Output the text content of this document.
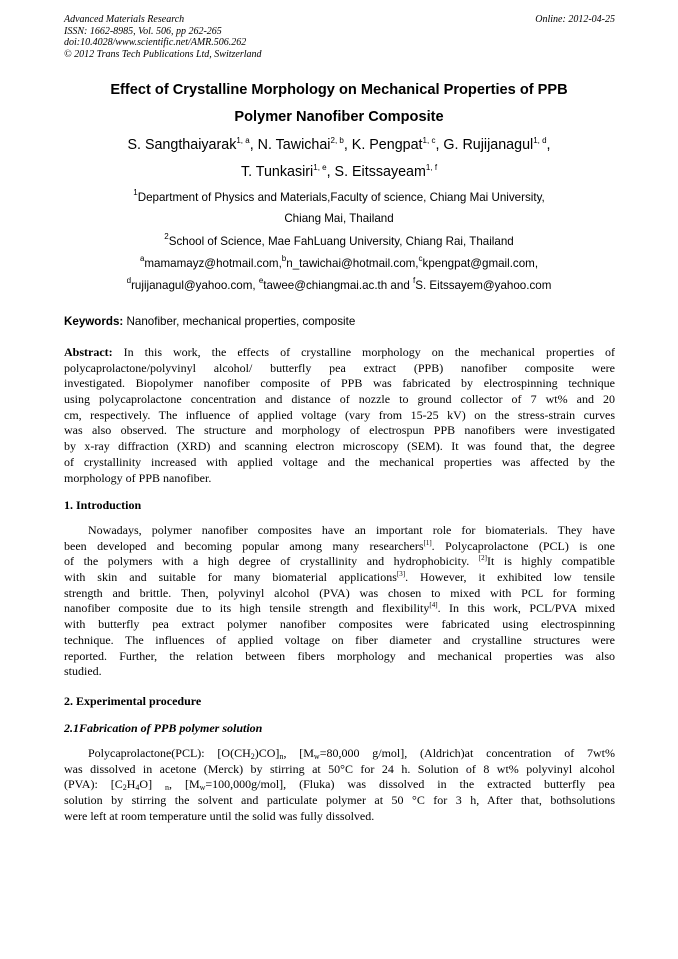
Advanced Materials Research
ISSN: 1662-8985, Vol. 506, pp 262-265
doi:10.4028/www.scientific.net/AMR.506.262
© 2012 Trans Tech Publications Ltd, Switzerland
Online: 2012-04-25
Effect of Crystalline Morphology on Mechanical Properties of PPB
Polymer Nanofiber Composite
S. Sangthaiyarak$^{1, a}$, N. Tawichai$^{2, b}$, K. Pengpat$^{1, c}$, G. Rujijanagul$^{1, d}$,
T. Tunkasiri$^{1, e}$, S. Eitssayeam$^{1, f}$
$^1$Department of Physics and Materials,Faculty of science, Chiang Mai University,
Chiang Mai, Thailand
$^2$School of Science, Mae FahLuang University, Chiang Rai, Thailand
$^a$mamamayz@hotmail.com,$^b$n_tawichai@hotmail.com,$^c$kpengpat@gmail.com,
$^d$rujijanagul@yahoo.com, $^e$tawee@chiangmai.ac.th and $^f$S. Eitssayem@yahoo.com
Keywords: Nanofiber, mechanical properties, composite
Abstract: In this work, the effects of crystalline morphology on the mechanical properties of
polycaprolactone/polyvinyl alcohol/ butterfly pea extract (PPB) nanofiber composite were
investigated. Biopolymer nanofiber composite of PPB was fabricated by electrospinning technique
using polycaprolactone concentration and distance of nozzle to ground collector of 7 wt% and 20
cm, respectively. The influence of applied voltage (vary from 15-25 kV) on the stress-strain curves
was also observed. The structure and morphology of electrospun PPB nanofibers were investigated
by x-ray diffraction (XRD) and scanning electron microscopy (SEM). It was found that, the degree
of crystallinity increased with applied voltage and the mechanical properties was affected by the
morphology of PPB nanofiber.
1. Introduction
Nowadays, polymer nanofiber composites have an important role for biomaterials. They have
been developed and becoming popular among many researchers[1]. Polycaprolactone (PCL) is one
of the polymers with a high degree of crystallinity and hydrophobicity. [2]It is highly compatible
with skin and suitable for many biomaterial applications[3]. However, it exhibited low tensile
strength and brittle. Then, polyvinyl alcohol (PVA) was chosen to mixed with PCL for forming
nanofiber composite due to its high tensile strength and flexibility[4]. In this work, PCL/PVA mixed
with butterfly pea extract polymer nanofiber composites were fabricated using electrospinning
technique. The influences of applied voltage on fiber diameter and crystalline structures were
reported. Further, the relation between fibers morphology and mechanical properties was also
studied.
2. Experimental procedure
2.1Fabrication of PPB polymer solution
Polycaprolactone(PCL): $[O(CH_2)CO]_n$, [$M_w=80,000$ g/mol], (Aldrich)at concentration of 7wt%
was dissolved in acetone (Merck) by stirring at 50°C for 24 h. Solution of 8 wt% polyvinyl alcohol
(PVA): $[C_2H_4O]$ $_n$, $[M_w=100,000g/mol]$, (Fluka) was dissolved in the extracted butterfly pea
solution by stirring the solvent and particulate polymer at 50 °C for 3 h, After that, bothsolutions
were left at room temperature until the solid was fully dissolved.
